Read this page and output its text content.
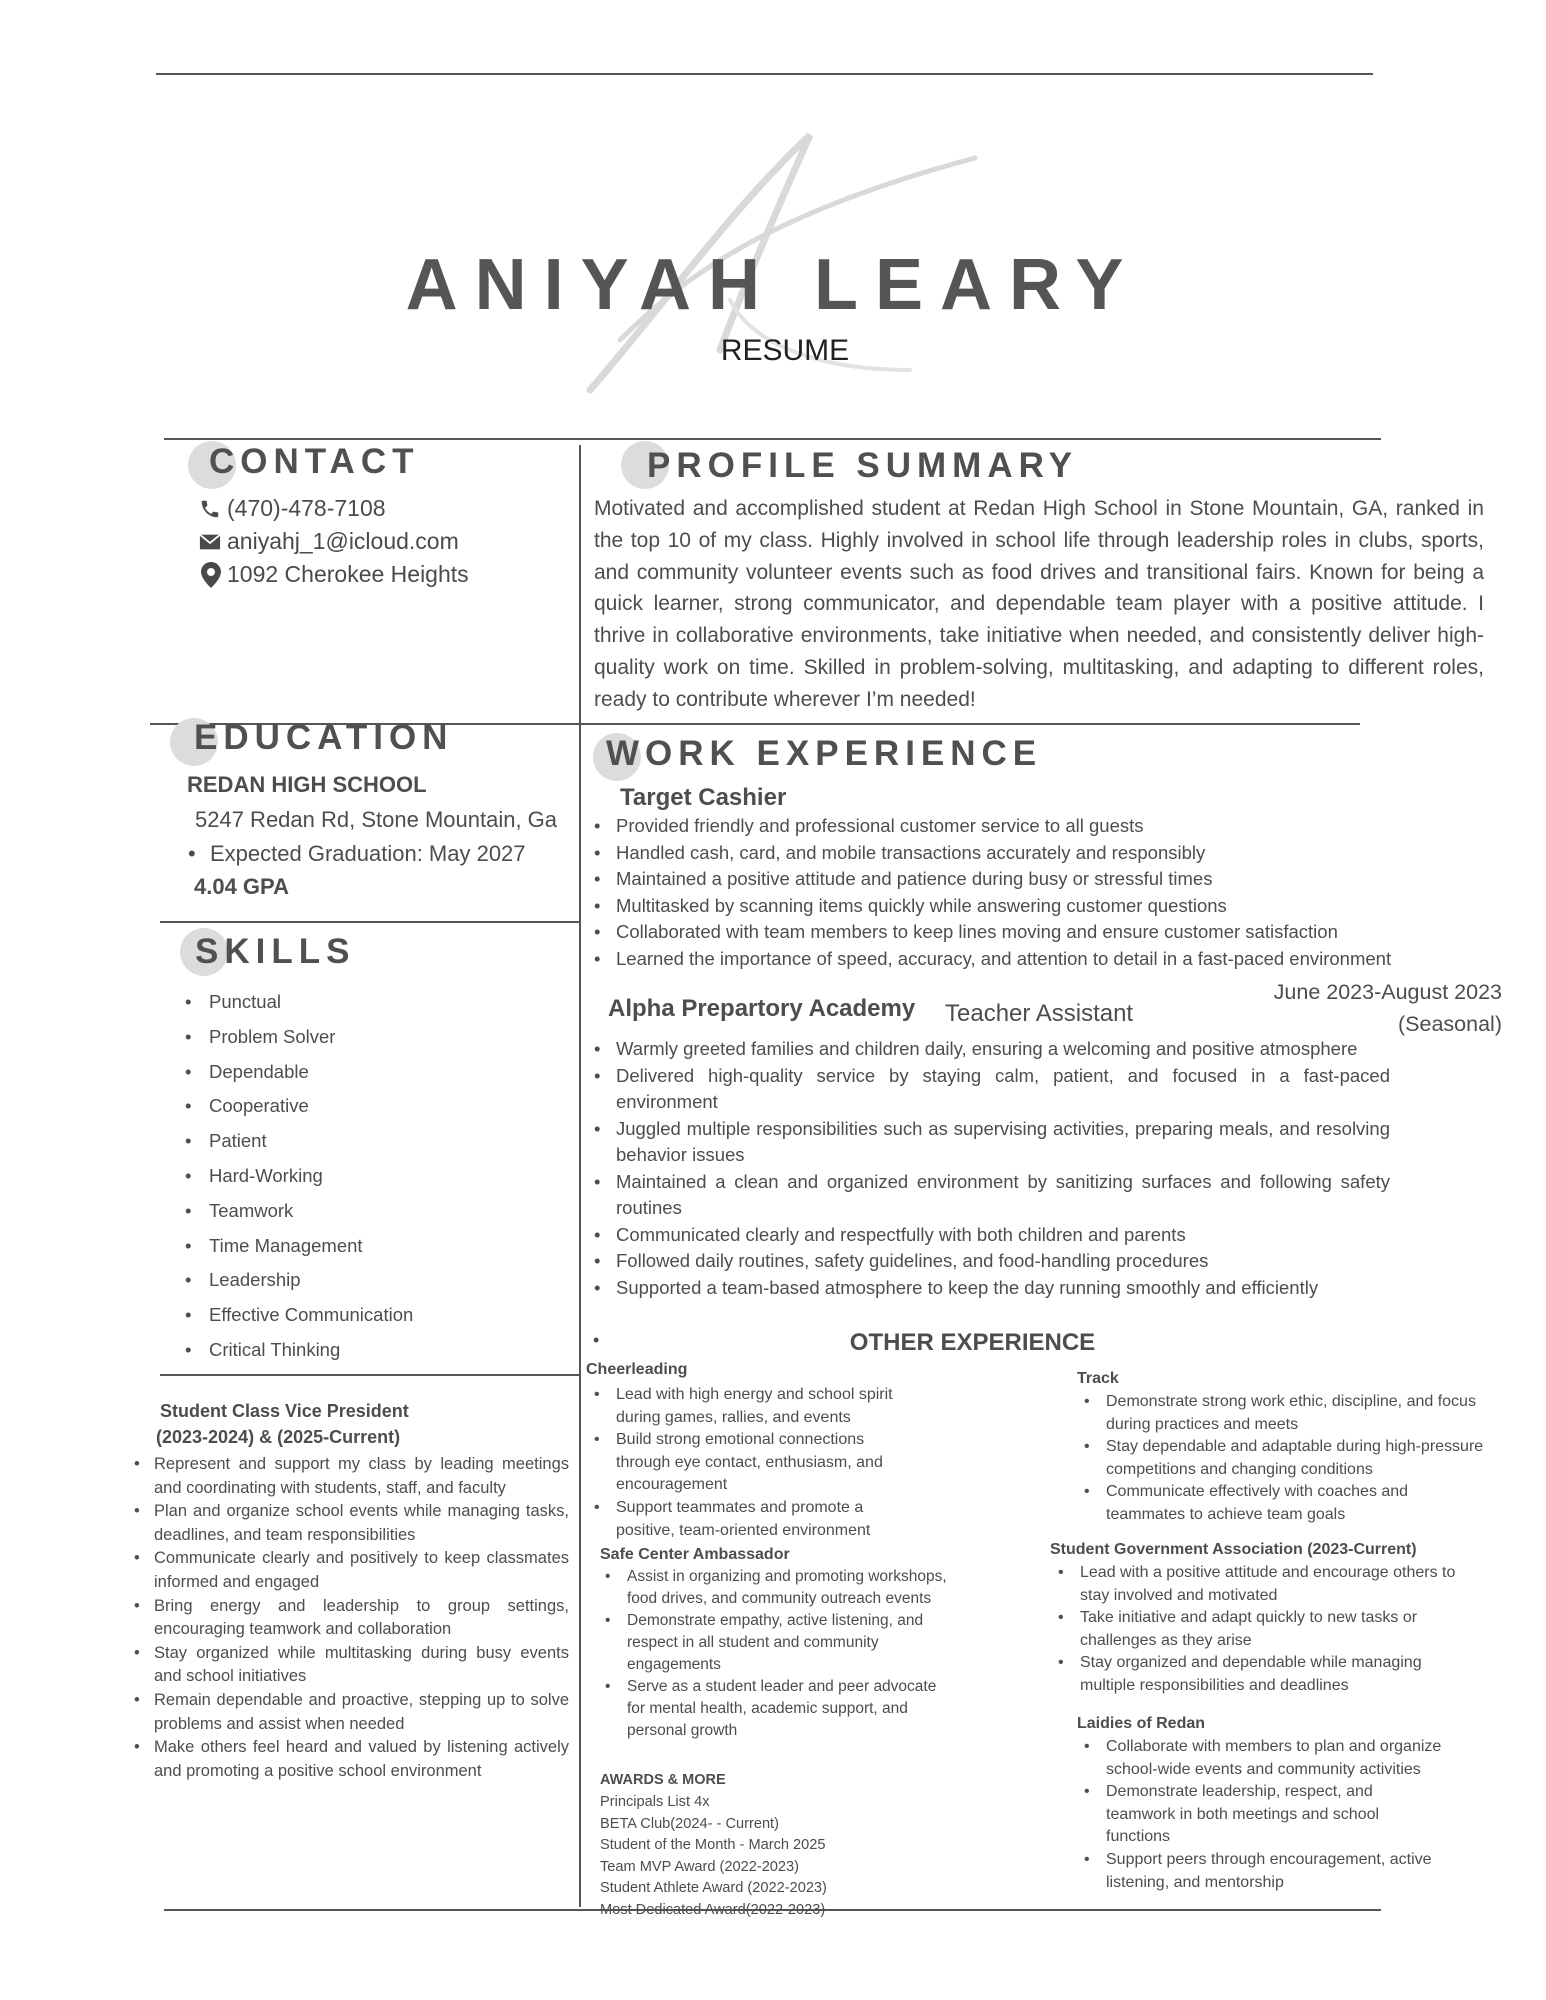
ANIYAH LEARY
RESUME
CONTACT
(470)-478-7108
aniyahj_1@icloud.com
1092 Cherokee Heights
PROFILE SUMMARY
Motivated and accomplished student at Redan High School in Stone Mountain, GA, ranked in the top 10 of my class. Highly involved in school life through leadership roles in clubs, sports, and community volunteer events such as food drives and transitional fairs. Known for being a quick learner, strong communicator, and dependable team player with a positive attitude. I thrive in collaborative environments, take initiative when needed, and consistently deliver high-quality work on time. Skilled in problem-solving, multitasking, and adapting to different roles, ready to contribute wherever I’m needed!
EDUCATION
REDAN HIGH SCHOOL
5247 Redan Rd, Stone Mountain, Ga
• Expected Graduation: May 2027
4.04 GPA
SKILLS
• Punctual
• Problem Solver
• Dependable
• Cooperative
• Patient
• Hard-Working
• Teamwork
• Time Management
• Leadership
• Effective Communication
• Critical Thinking
WORK EXPERIENCE
Target Cashier
• Provided friendly and professional customer service to all guests
• Handled cash, card, and mobile transactions accurately and responsibly
• Maintained a positive attitude and patience during busy or stressful times
• Multitasked by scanning items quickly while answering customer questions
• Collaborated with team members to keep lines moving and ensure customer satisfaction
• Learned the importance of speed, accuracy, and attention to detail in a fast-paced environment
Alpha Prepartory Academy Teacher Assistant
June 2023-August 2023
(Seasonal)
• Warmly greeted families and children daily, ensuring a welcoming and positive atmosphere
• Delivered high-quality service by staying calm, patient, and focused in a fast-paced environment
• Juggled multiple responsibilities such as supervising activities, preparing meals, and resolving behavior issues
• Maintained a clean and organized environment by sanitizing surfaces and following safety routines
• Communicated clearly and respectfully with both children and parents
• Followed daily routines, safety guidelines, and food-handling procedures
• Supported a team-based atmosphere to keep the day running smoothly and efficiently
•	OTHER EXPERIENCE
Student Class Vice President
(2023-2024) & (2025-Current)
• Represent and support my class by leading meetings and coordinating with students, staff, and faculty
• Plan and organize school events while managing tasks, deadlines, and team responsibilities
• Communicate clearly and positively to keep classmates informed and engaged
• Bring energy and leadership to group settings, encouraging teamwork and collaboration
• Stay organized while multitasking during busy events and school initiatives
• Remain dependable and proactive, stepping up to solve problems and assist when needed
• Make others feel heard and valued by listening actively and promoting a positive school environment
Cheerleading
• Lead with high energy and school spirit during games, rallies, and events
• Build strong emotional connections through eye contact, enthusiasm, and encouragement
• Support teammates and promote a positive, team-oriented environment
Safe Center Ambassador
• Assist in organizing and promoting workshops, food drives, and community outreach events
• Demonstrate empathy, active listening, and respect in all student and community engagements
• Serve as a student leader and peer advocate for mental health, academic support, and personal growth
AWARDS & MORE
Principals List 4x
BETA Club(2024- - Current)
Student of the Month - March 2025
Team MVP Award (2022-2023)
Student Athlete Award (2022-2023)
Most Dedicated Award(2022-2023)
Track
• Demonstrate strong work ethic, discipline, and focus during practices and meets
• Stay dependable and adaptable during high-pressure competitions and changing conditions
• Communicate effectively with coaches and teammates to achieve team goals
Student Government Association (2023-Current)
• Lead with a positive attitude and encourage others to stay involved and motivated
• Take initiative and adapt quickly to new tasks or challenges as they arise
• Stay organized and dependable while managing multiple responsibilities and deadlines
Laidies of Redan
• Collaborate with members to plan and organize school-wide events and community activities
• Demonstrate leadership, respect, and teamwork in both meetings and school functions
• Support peers through encouragement, active listening, and mentorship
